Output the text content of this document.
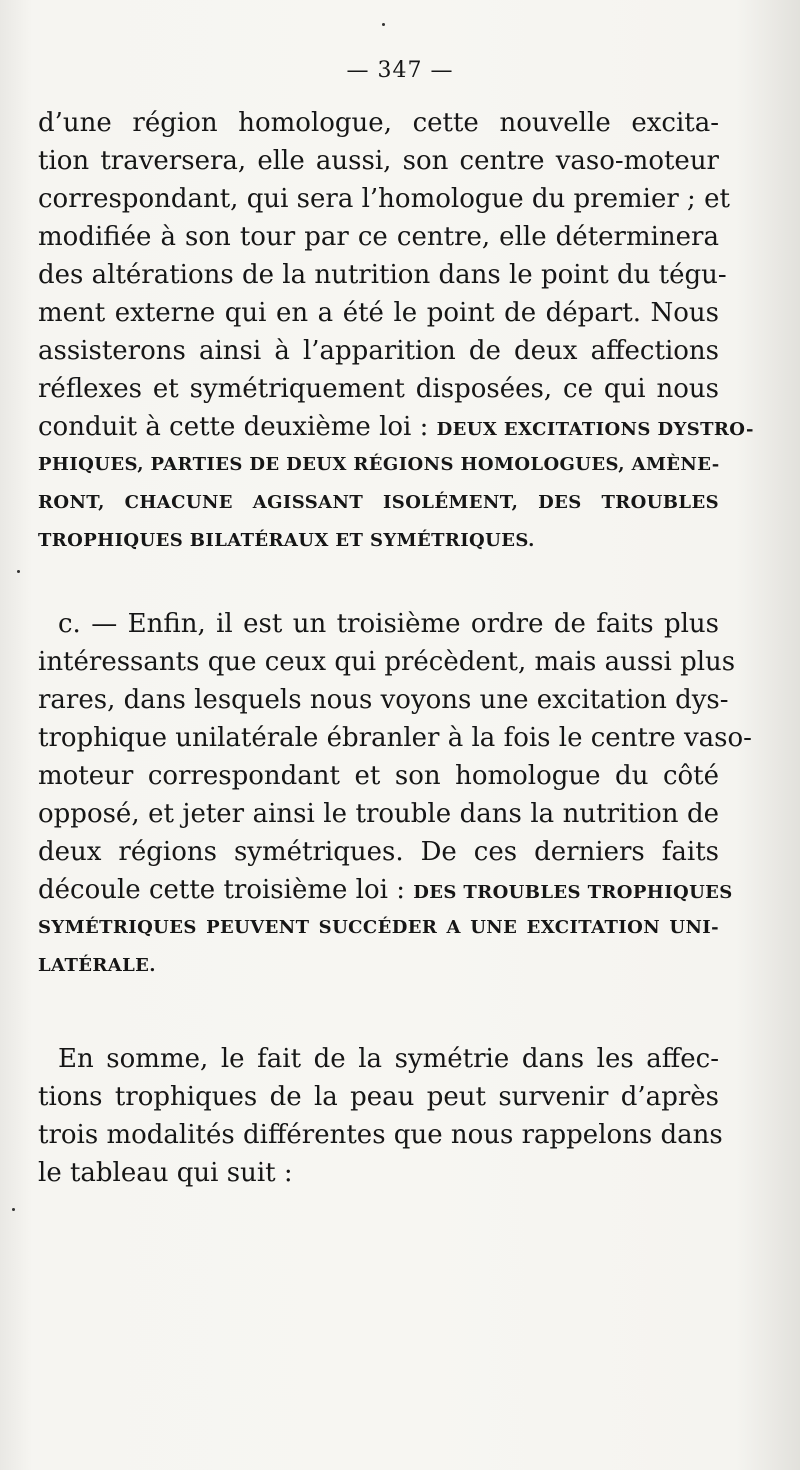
— 347 —
d’une région homologue, cette nouvelle excita-
tion traversera, elle aussi, son centre vaso-moteur
correspondant, qui sera l’homologue du premier ; et
modifiée à son tour par ce centre, elle déterminera
des altérations de la nutrition dans le point du tégu-
ment externe qui en a été le point de départ. Nous
assisterons ainsi à l’apparition de deux affections
réflexes et symétriquement disposées, ce qui nous
conduit à cette deuxième loi : DEUX EXCITATIONS DYSTRO-
PHIQUES, PARTIES DE DEUX RÉGIONS HOMOLOGUES, AMÈNE-
RONT, CHACUNE AGISSANT ISOLÉMENT, DES TROUBLES
TROPHIQUES BILATÉRAUX ET SYMÉTRIQUES.
c. — Enfin, il est un troisième ordre de faits plus
intéressants que ceux qui précèdent, mais aussi plus
rares, dans lesquels nous voyons une excitation dys-
trophique unilatérale ébranler à la fois le centre vaso-
moteur correspondant et son homologue du côté
opposé, et jeter ainsi le trouble dans la nutrition de
deux régions symétriques. De ces derniers faits
découle cette troisième loi : DES TROUBLES TROPHIQUES
SYMÉTRIQUES PEUVENT SUCCÉDER A UNE EXCITATION UNI-
LATÉRALE.
En somme, le fait de la symétrie dans les affec-
tions trophiques de la peau peut survenir d’après
trois modalités différentes que nous rappelons dans
le tableau qui suit :
